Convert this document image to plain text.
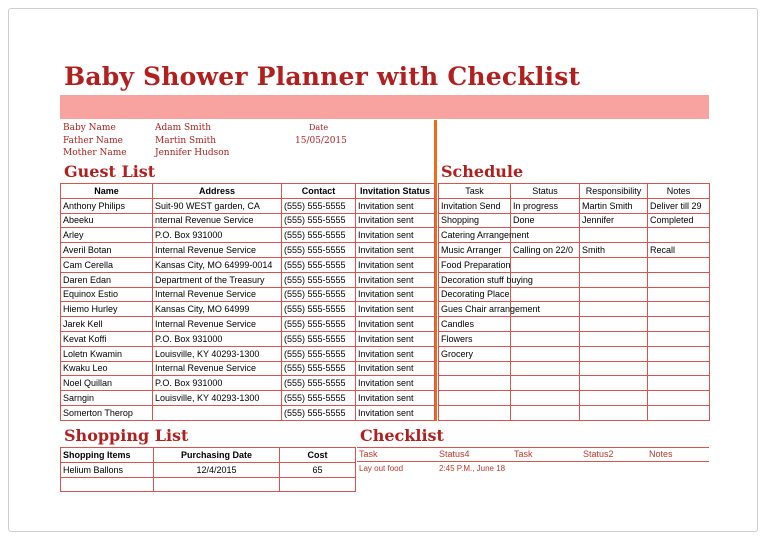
Baby Shower Planner with Checklist
Baby Name	Adam Smith
Father Name	Martin Smith
Mother Name	Jennifer Hudson
Date
15/05/2015
Guest List	Schedule
Name	Address	Contact	Invitation Status
Anthony Philips	Suit-90 WEST garden, CA	(555) 555-5555	Invitation sent
Abeeku	nternal Revenue Service	(555) 555-5555	Invitation sent
Arley	P.O. Box 931000	(555) 555-5555	Invitation sent
Averil Botan	Internal Revenue Service	(555) 555-5555	Invitation sent
Cam Cerella	Kansas City, MO 64999-0014	(555) 555-5555	Invitation sent
Daren Edan	Department of the Treasury	(555) 555-5555	Invitation sent
Equinox Estio	Internal Revenue Service	(555) 555-5555	Invitation sent
Hiemo Hurley	Kansas City, MO 64999	(555) 555-5555	Invitation sent
Jarek Kell	Internal Revenue Service	(555) 555-5555	Invitation sent
Kevat Koffi	P.O. Box 931000	(555) 555-5555	Invitation sent
Loletn Kwamin	Louisville, KY 40293-1300	(555) 555-5555	Invitation sent
Kwaku Leo	Internal Revenue Service	(555) 555-5555	Invitation sent
Noel Quillan	P.O. Box 931000	(555) 555-5555	Invitation sent
Sarngin	Louisville, KY 40293-1300	(555) 555-5555	Invitation sent
Somerton Therop		(555) 555-5555	Invitation sent
Task	Status	Responsibility	Notes
Invitation Send	In progress	Martin Smith	Deliver till 29
Shopping	Done	Jennifer	Completed
Catering Arrangement			
Music Arranger	Calling on 22/0	Smith	Recall
Food Preparation			
Decoration stuff buying			
Decorating Place			
Gues Chair arrangement			
Candles			
Flowers			
Grocery			

Shopping List	Checklist
Shopping Items	Purchasing Date	Cost
Helium Ballons	12/4/2015	65

Task	Status4	Task	Status2	Notes
Lay out food	2:45 P.M., June 18
